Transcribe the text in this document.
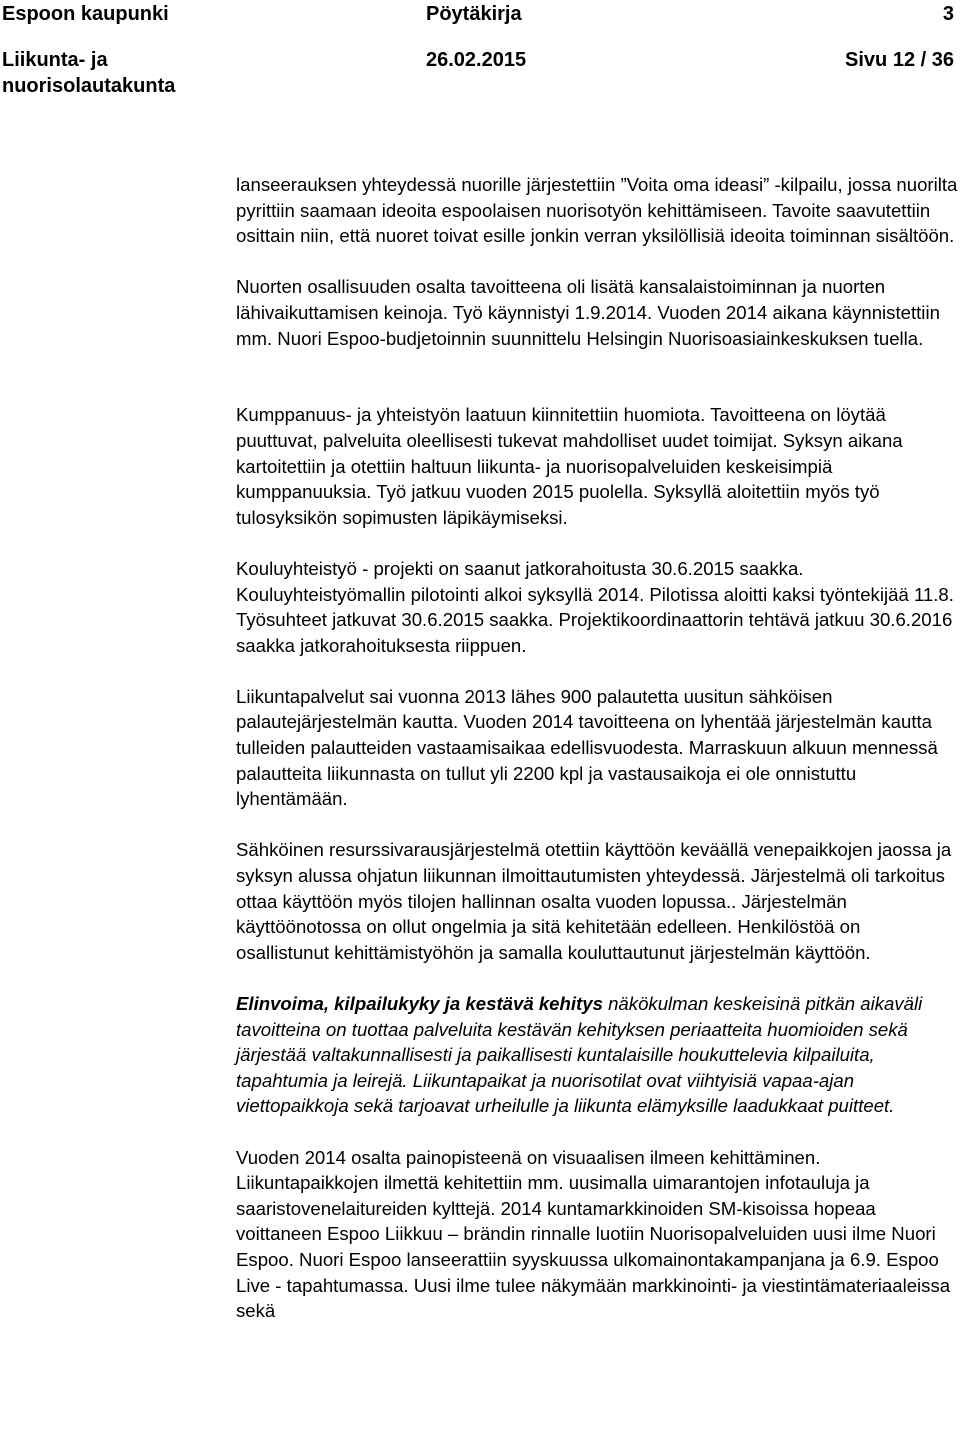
Espoon kaupunki	Pöytäkirja	3
Liikunta- ja
nuorisolautakunta
26.02.2015	Sivu 12 / 36

lanseerauksen yhteydessä nuorille järjestettiin ”Voita oma ideasi” -kilpailu, jossa nuorilta pyrittiin saamaan ideoita espoolaisen nuorisotyön kehittämiseen. Tavoite saavutettiin osittain niin, että nuoret toivat esille jonkin verran yksilöllisiä ideoita toiminnan sisältöön.

Nuorten osallisuuden osalta tavoitteena oli lisätä kansalaistoiminnan ja nuorten lähivaikuttamisen keinoja. Työ käynnistyi 1.9.2014. Vuoden 2014 aikana käynnistettiin mm. Nuori Espoo-budjetoinnin suunnittelu Helsingin Nuorisoasiainkeskuksen tuella.

Kumppanuus- ja yhteistyön laatuun kiinnitettiin huomiota. Tavoitteena on löytää puuttuvat, palveluita oleellisesti tukevat mahdolliset uudet toimijat. Syksyn aikana kartoitettiin ja otettiin haltuun liikunta- ja nuorisopalveluiden keskeisimpiä kumppanuuksia. Työ jatkuu vuoden 2015 puolella. Syksyllä aloitettiin myös työ tulosyksikön sopimusten läpikäymiseksi.

Kouluyhteistyö - projekti on saanut jatkorahoitusta 30.6.2015 saakka. Kouluyhteistyömallin pilotointi alkoi syksyllä 2014. Pilotissa aloitti kaksi työntekijää 11.8. Työsuhteet jatkuvat 30.6.2015 saakka. Projektikoordinaattorin tehtävä jatkuu 30.6.2016 saakka jatkorahoituksesta riippuen.

Liikuntapalvelut sai vuonna 2013 lähes 900 palautetta uusitun sähköisen palautejärjestelmän kautta. Vuoden 2014 tavoitteena on lyhentää järjestelmän kautta tulleiden palautteiden vastaamisaikaa edellisvuodesta. Marraskuun alkuun mennessä palautteita liikunnasta on tullut yli 2200 kpl ja vastausaikoja ei ole onnistuttu lyhentämään.

Sähköinen resurssivarausjärjestelmä otettiin käyttöön keväällä venepaikkojen jaossa ja syksyn alussa ohjatun liikunnan ilmoittautumisten yhteydessä. Järjestelmä oli tarkoitus ottaa käyttöön myös tilojen hallinnan osalta vuoden lopussa.. Järjestelmän käyttöönotossa on ollut ongelmia ja sitä kehitetään edelleen. Henkilöstöä on osallistunut kehittämistyöhön ja samalla kouluttautunut järjestelmän käyttöön.

Elinvoima, kilpailukyky ja kestävä kehitys näkökulman keskeisinä pitkän aikaväli tavoitteina on tuottaa palveluita kestävän kehityksen periaatteita huomioiden sekä järjestää valtakunnallisesti ja paikallisesti kuntalaisille houkuttelevia kilpailuita, tapahtumia ja leirejä. Liikuntapaikat ja nuorisotilat ovat viihtyisiä vapaa-ajan viettopaikkoja sekä tarjoavat urheilulle ja liikunta elämyksille laadukkaat puitteet.

Vuoden 2014 osalta painopisteenä on visuaalisen ilmeen kehittäminen. Liikuntapaikkojen ilmettä kehitettiin mm. uusimalla uimarantojen infotauluja ja saaristovenelaitureiden kylttejä. 2014 kuntamarkkinoiden SM-kisoissa hopeaa voittaneen Espoo Liikkuu – brändin rinnalle luotiin Nuorisopalveluiden uusi ilme Nuori Espoo. Nuori Espoo lanseerattiin syyskuussa ulkomainontakampanjana ja 6.9. Espoo Live - tapahtumassa. Uusi ilme tulee näkymään markkinointi- ja viestintämateriaaleissa sekä
